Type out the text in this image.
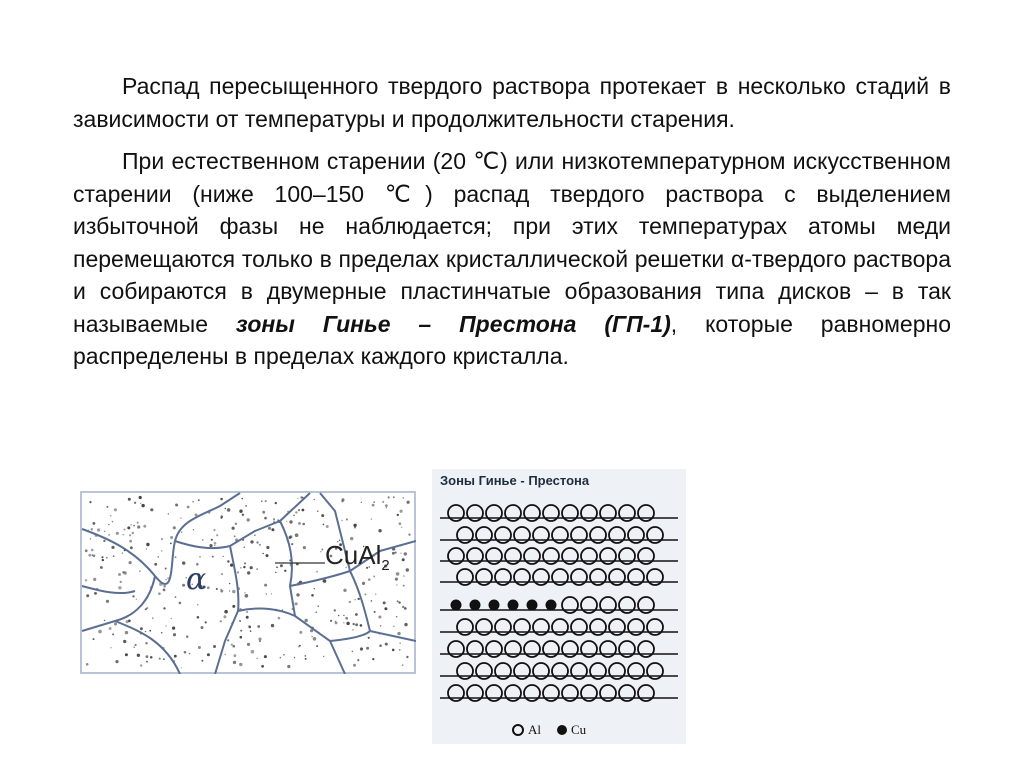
Распад пересыщенного твердого раствора протекает в несколько стадий в зависимости от температуры и продолжительности старения.

При естественном старении (20 ℃) или низкотемпературном искусственном старении (ниже 100–150 ℃) распад твердого раствора с выделением избыточной фазы не наблюдается; при этих температурах атомы меди перемещаются только в пределах кристаллической решетки α-твердого раствора и собираются в двумерные пластинчатые образования типа дисков – в так называемые зоны Гинье – Престона (ГП-1), которые равномерно распределены в пределах каждого кристалла.

α
CuAl$_2$
Зоны Гинье - Престона
Al Cu
